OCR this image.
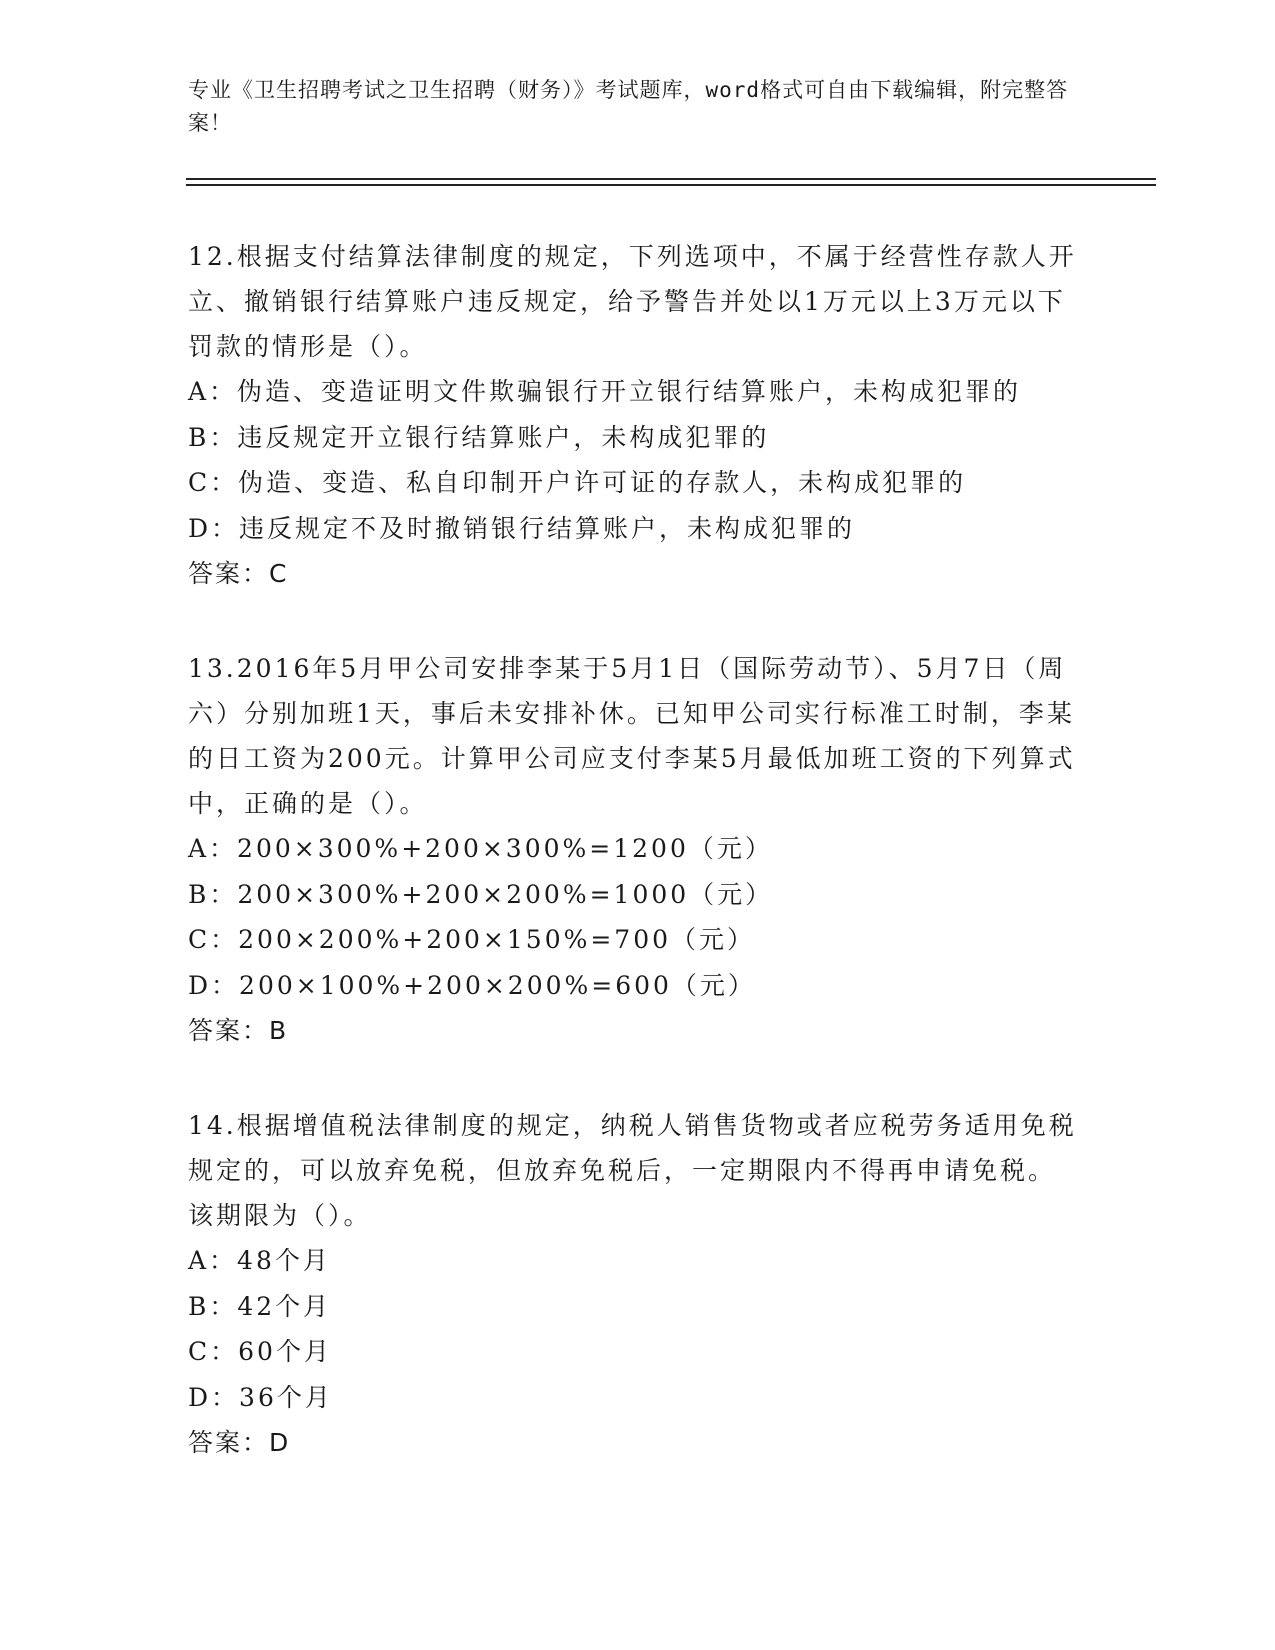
专业《卫生招聘考试之卫生招聘（财务）》考试题库，word格式可自由下载编辑，附完整答案！

12.根据支付结算法律制度的规定，下列选项中，不属于经营性存款人开立、撤销银行结算账户违反规定，给予警告并处以1万元以上3万元以下罚款的情形是（）。

A：伪造、变造证明文件欺骗银行开立银行结算账户，未构成犯罪的

B：违反规定开立银行结算账户，未构成犯罪的

C：伪造、变造、私自印制开户许可证的存款人，未构成犯罪的

D：违反规定不及时撤销银行结算账户，未构成犯罪的

答案：C

13.2016年5月甲公司安排李某于5月1日（国际劳动节）、5月7日（周六）分别加班1天，事后未安排补休。已知甲公司实行标准工时制，李某的日工资为200元。计算甲公司应支付李某5月最低加班工资的下列算式中，正确的是（）。

A：200×300%+200×300%=1200（元）

B：200×300%+200×200%=1000（元）

C：200×200%+200×150%=700（元）

D：200×100%+200×200%=600（元）

答案：B

14.根据增值税法律制度的规定，纳税人销售货物或者应税劳务适用免税规定的，可以放弃免税，但放弃免税后，一定期限内不得再申请免税。该期限为（）。

A：48个月

B：42个月

C：60个月

D：36个月

答案：D
